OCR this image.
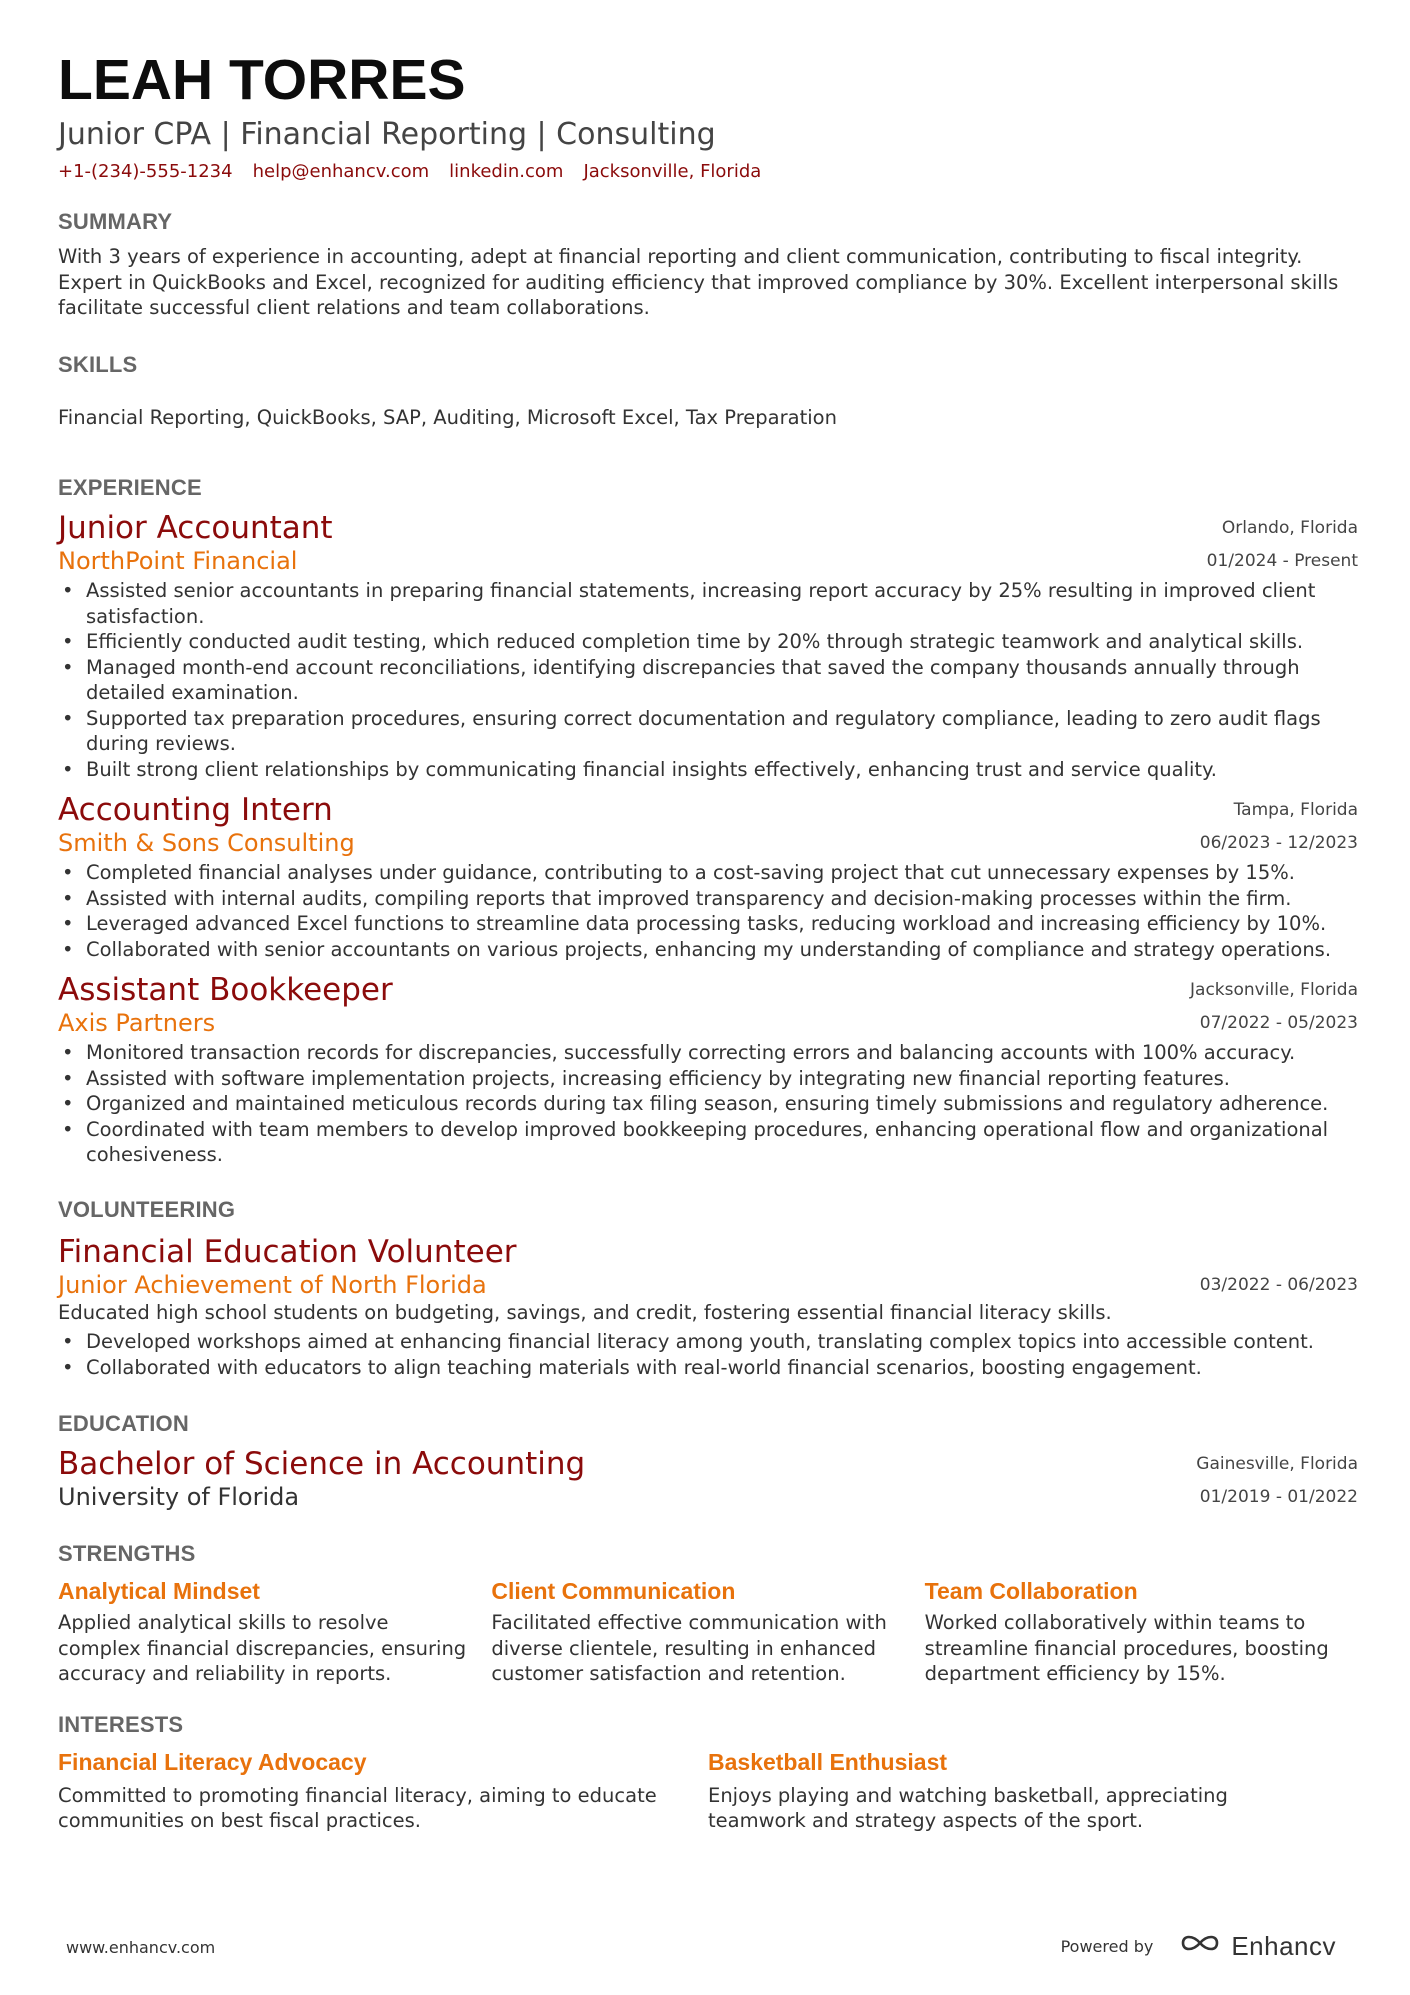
LEAH TORRES
Junior CPA | Financial Reporting | Consulting
+1-(234)-555-1234 help@enhancv.com linkedin.com Jacksonville, Florida
SUMMARY
With 3 years of experience in accounting, adept at financial reporting and client communication, contributing to fiscal integrity. Expert in QuickBooks and Excel, recognized for auditing efficiency that improved compliance by 30%. Excellent interpersonal skills facilitate successful client relations and team collaborations.
SKILLS
Financial Reporting, QuickBooks, SAP, Auditing, Microsoft Excel, Tax Preparation
EXPERIENCE
Junior Accountant	Orlando, Florida
NorthPoint Financial	01/2024 - Present
• Assisted senior accountants in preparing financial statements, increasing report accuracy by 25% resulting in improved client satisfaction.
• Efficiently conducted audit testing, which reduced completion time by 20% through strategic teamwork and analytical skills.
• Managed month-end account reconciliations, identifying discrepancies that saved the company thousands annually through detailed examination.
• Supported tax preparation procedures, ensuring correct documentation and regulatory compliance, leading to zero audit flags during reviews.
• Built strong client relationships by communicating financial insights effectively, enhancing trust and service quality.
Accounting Intern	Tampa, Florida
Smith & Sons Consulting	06/2023 - 12/2023
• Completed financial analyses under guidance, contributing to a cost-saving project that cut unnecessary expenses by 15%.
• Assisted with internal audits, compiling reports that improved transparency and decision-making processes within the firm.
• Leveraged advanced Excel functions to streamline data processing tasks, reducing workload and increasing efficiency by 10%.
• Collaborated with senior accountants on various projects, enhancing my understanding of compliance and strategy operations.
Assistant Bookkeeper	Jacksonville, Florida
Axis Partners	07/2022 - 05/2023
• Monitored transaction records for discrepancies, successfully correcting errors and balancing accounts with 100% accuracy.
• Assisted with software implementation projects, increasing efficiency by integrating new financial reporting features.
• Organized and maintained meticulous records during tax filing season, ensuring timely submissions and regulatory adherence.
• Coordinated with team members to develop improved bookkeeping procedures, enhancing operational flow and organizational cohesiveness.
VOLUNTEERING
Financial Education Volunteer
Junior Achievement of North Florida	03/2022 - 06/2023
Educated high school students on budgeting, savings, and credit, fostering essential financial literacy skills.
• Developed workshops aimed at enhancing financial literacy among youth, translating complex topics into accessible content.
• Collaborated with educators to align teaching materials with real-world financial scenarios, boosting engagement.
EDUCATION
Bachelor of Science in Accounting	Gainesville, Florida
University of Florida	01/2019 - 01/2022
STRENGTHS
Analytical Mindset
Applied analytical skills to resolve complex financial discrepancies, ensuring accuracy and reliability in reports.
Client Communication
Facilitated effective communication with diverse clientele, resulting in enhanced customer satisfaction and retention.
Team Collaboration
Worked collaboratively within teams to streamline financial procedures, boosting department efficiency by 15%.
INTERESTS
Financial Literacy Advocacy
Committed to promoting financial literacy, aiming to educate communities on best fiscal practices.
Basketball Enthusiast
Enjoys playing and watching basketball, appreciating teamwork and strategy aspects of the sport.
www.enhancv.com	Powered by	Enhancv
